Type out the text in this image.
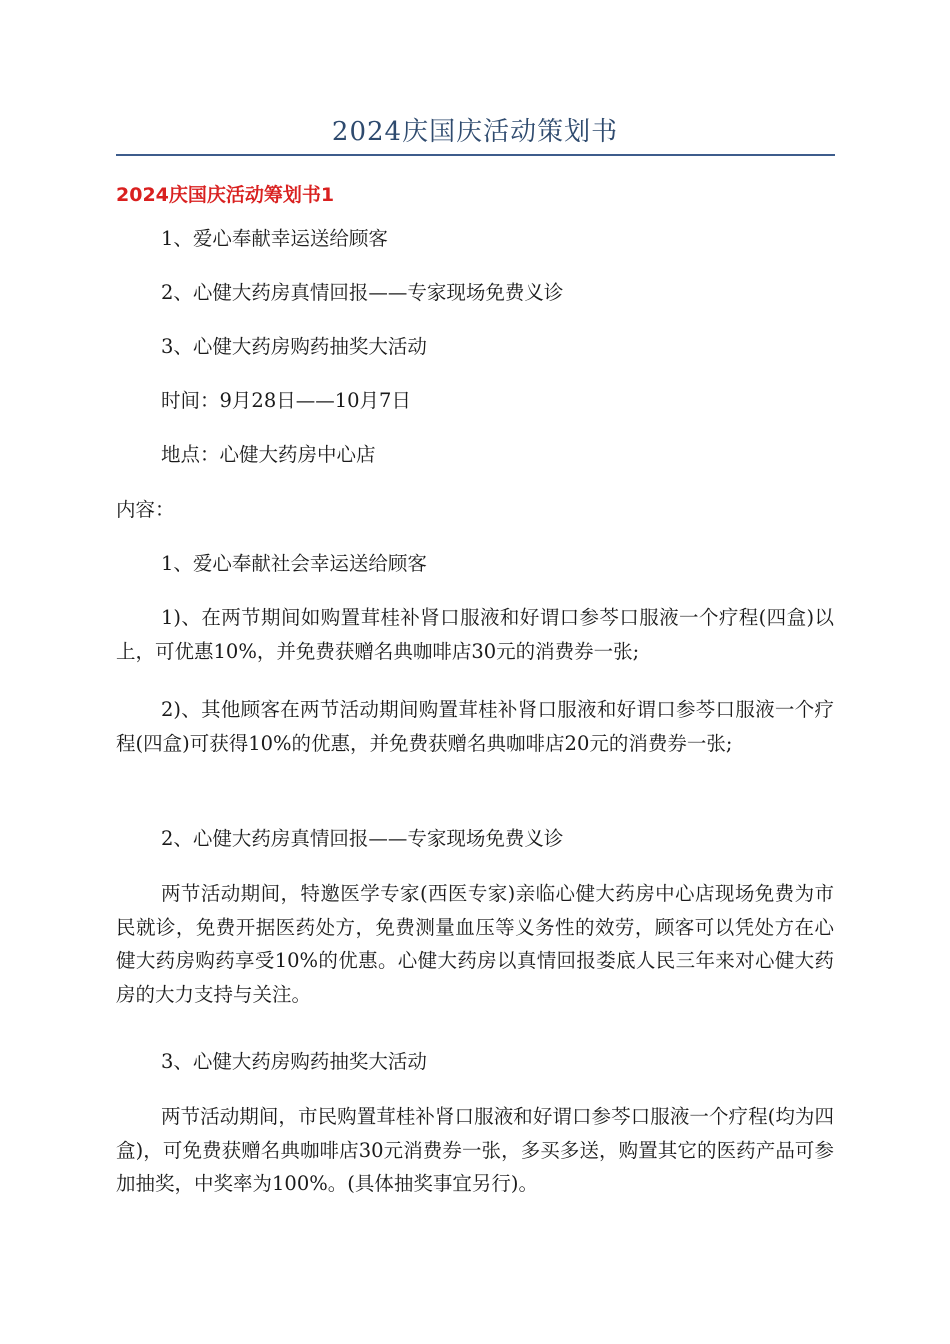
2024庆国庆活动策划书
2024庆国庆活动筹划书1
1、爱心奉献幸运送给顾客
2、心健大药房真情回报——专家现场免费义诊
3、心健大药房购药抽奖大活动
时间：9月28日——10月7日
地点：心健大药房中心店
内容：
1、爱心奉献社会幸运送给顾客
1)、在两节期间如购置茸桂补肾口服液和好谓口参芩口服液一个疗程(四盒)以上，可优惠10%，并免费获赠名典咖啡店30元的消费券一张;
2)、其他顾客在两节活动期间购置茸桂补肾口服液和好谓口参芩口服液一个疗程(四盒)可获得10%的优惠，并免费获赠名典咖啡店20元的消费券一张;
2、心健大药房真情回报——专家现场免费义诊
两节活动期间，特邀医学专家(西医专家)亲临心健大药房中心店现场免费为市民就诊，免费开据医药处方，免费测量血压等义务性的效劳，顾客可以凭处方在心健大药房购药享受10%的优惠。心健大药房以真情回报娄底人民三年来对心健大药房的大力支持与关注。
3、心健大药房购药抽奖大活动
两节活动期间，市民购置茸桂补肾口服液和好谓口参芩口服液一个疗程(均为四盒)，可免费获赠名典咖啡店30元消费券一张，多买多送，购置其它的医药产品可参加抽奖，中奖率为100%。(具体抽奖事宜另行)。
